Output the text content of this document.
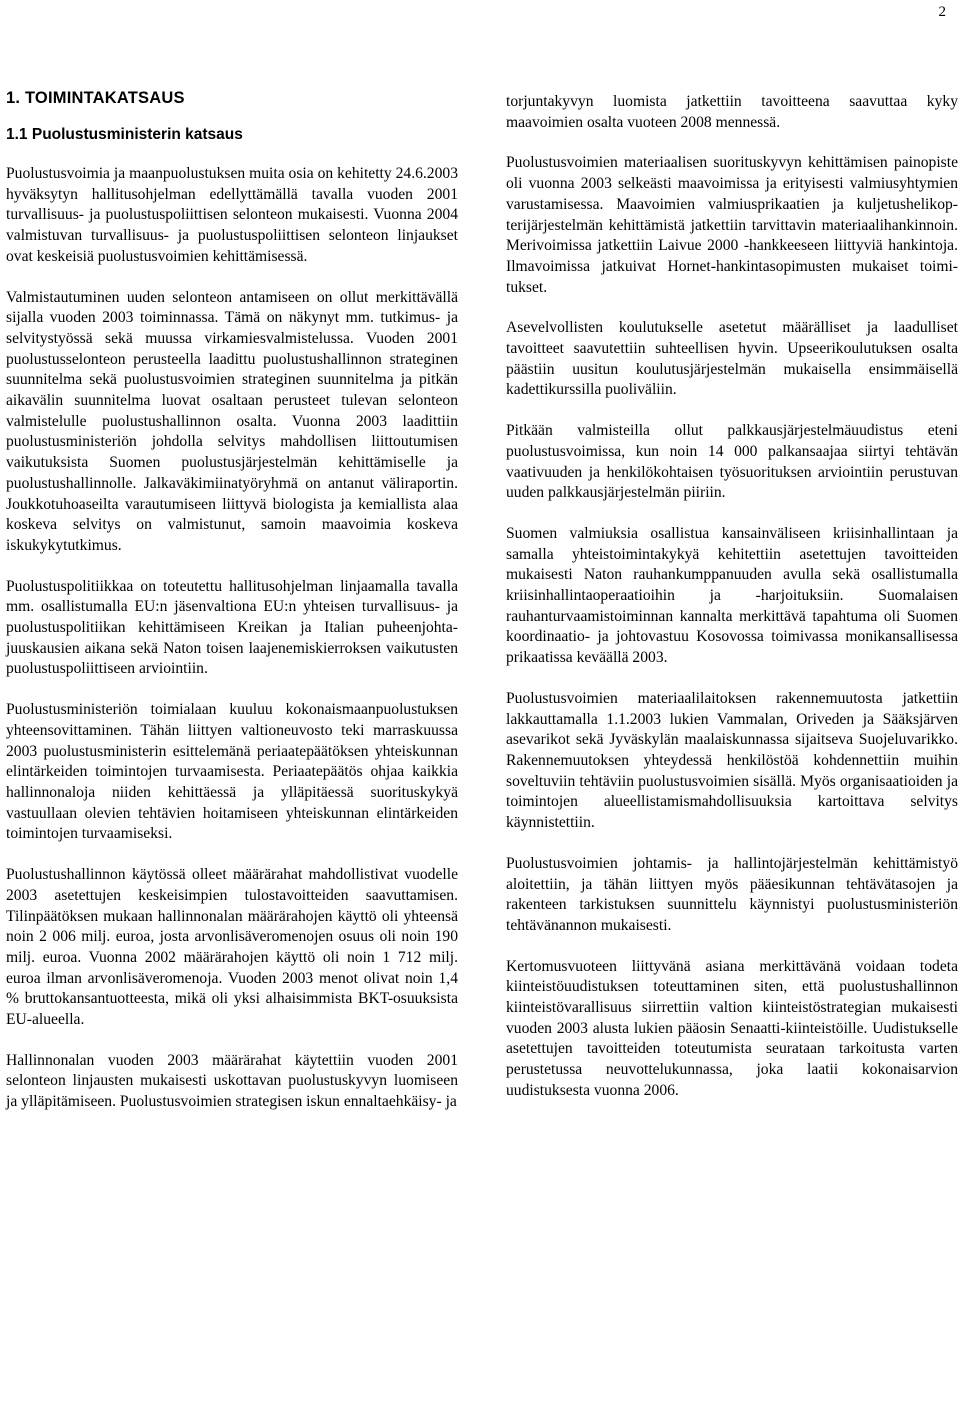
2
1. TOIMINTAKATSAUS
1.1 Puolustusministerin katsaus

Puolustusvoimia ja maanpuolustuksen muita osia on kehitetty 24.6.2003 hyväksytyn hallitusohjelman edellyttämällä tavalla vuoden 2001 turvallisuus- ja puolustuspoliittisen selonteon mukaisesti. Vuonna 2004 valmistuvan turvallisuus- ja puolustuspoliittisen selonteon linjaukset ovat keskeisiä puolustusvoimien kehittämisessä.

Valmistautuminen uuden selonteon antamiseen on ollut merkittävällä sijalla vuoden 2003 toiminnassa. Tämä on näkynyt mm. tutkimus- ja selvitystyössä sekä muussa virkamiesvalmistelussa. Vuoden 2001 puolustusselonteon perusteella laadittu puolustushallinnon strateginen suunnitelma sekä puolustusvoimien strateginen suunnitelma ja pitkän aikavälin suunnitelma luovat osaltaan perusteet tulevan selonteon valmistelulle puolustushallinnon osalta. Vuonna 2003 laadittiin puolustusministeriön johdolla selvitys mahdollisen liittoutumisen vaikutuksista Suomen puolustusjärjestelmän kehittämiselle ja puolustushallinnolle. Jalkaväkimiinatyöryhmä on antanut väliraportin. Joukkotuhoaseilta varautumiseen liittyvä biologista ja kemiallista alaa koskeva selvitys on valmistunut, samoin maavoimia koskeva iskukykytutkimus.

Puolustuspolitiikkaa on toteutettu hallitusohjelman linjaamalla tavalla mm. osallistumalla EU:n jäsenvaltiona EU:n yhteisen turvallisuus- ja puolustuspolitiikan kehittämiseen Kreikan ja Italian puheenjohtajuuskausien aikana sekä Naton toisen laajenemiskierroksen vaikutusten puolustuspoliittiseen arviointiin.

Puolustusministeriön toimialaan kuuluu kokonaismaanpuolustuksen yhteensovittaminen. Tähän liittyen valtioneuvosto teki marraskuussa 2003 puolustusministerin esittelemänä periaatepäätöksen yhteiskunnan elintärkeiden toimintojen turvaamisesta. Periaatepäätös ohjaa kaikkia hallinnonaloja niiden kehittäessä ja ylläpitäessä suorituskykyä vastuullaan olevien tehtävien hoitamiseen yhteiskunnan elintärkeiden toimintojen turvaamiseksi.

Puolustushallinnon käytössä olleet määrärahat mahdollistivat vuodelle 2003 asetettujen keskeisimpien tulostavoitteiden saavuttamisen. Tilinpäätöksen mukaan hallinnonalan määrärahojen käyttö oli yhteensä noin 2 006 milj. euroa, josta arvonlisäveromenojen osuus oli noin 190 milj. euroa. Vuonna 2002 määrärahojen käyttö oli noin 1 712 milj. euroa ilman arvonlisäveromenoja. Vuoden 2003 menot olivat noin 1,4 % bruttokansantuotteesta, mikä oli yksi alhaisimmista BKT-osuuksista EU-alueella.

Hallinnonalan vuoden 2003 määrärahat käytettiin vuoden 2001 selonteon linjausten mukaisesti uskottavan puolustuskyvyn luomiseen ja ylläpitämiseen. Puolustusvoimien strategisen iskun ennaltaehkäisy- ja

torjuntakyvyn luomista jatkettiin tavoitteena saavuttaa kyky maavoimien osalta vuoteen 2008 mennessä.

Puolustusvoimien materiaalisen suorituskyvyn kehittämisen painopiste oli vuonna 2003 selkeästi maavoimissa ja erityisesti valmiusyhtymien varustamisessa. Maavoimien valmiusprikaatien ja kuljetushelikopterijärjestelmän kehittämistä jatkettiin tarvittavin materiaalihankinnoin. Merivoimissa jatkettiin Laivue 2000 -hankkeeseen liittyviä hankintoja. Ilmavoimissa jatkuivat Hornet-hankintasopimusten mukaiset toimitukset.

Asevelvollisten koulutukselle asetetut määrälliset ja laadulliset tavoitteet saavutettiin suhteellisen hyvin. Upseerikoulutuksen osalta päästiin uusitun koulutusjärjestelmän mukaisella ensimmäisellä kadettikurssilla puoliväliin.

Pitkään valmisteilla ollut palkkausjärjestelmäuudistus eteni puolustusvoimissa, kun noin 14 000 palkansaajaa siirtyi tehtävän vaativuuden ja henkilökohtaisen työsuorituksen arviointiin perustuvan uuden palkkausjärjestelmän piiriin.

Suomen valmiuksia osallistua kansainväliseen kriisinhallintaan ja samalla yhteistoimintakykyä kehitettiin asetettujen tavoitteiden mukaisesti Naton rauhankumppanuuden avulla sekä osallistumalla kriisinhallintaoperaatioihin ja -harjoituksiin. Suomalaisen rauhanturvaamistoiminnan kannalta merkittävä tapahtuma oli Suomen koordinaatio- ja johtovastuu Kosovossa toimivassa monikansallisessa prikaatissa keväällä 2003.

Puolustusvoimien materiaalilaitoksen rakennemuutosta jatkettiin lakkauttamalla 1.1.2003 lukien Vammalan, Oriveden ja Sääksjärven asevarikot sekä Jyväskylän maalaiskunnassa sijaitseva Suojeluvarikko. Rakennemuutoksen yhteydessä henkilöstöä kohdennettiin muihin soveltuviin tehtäviin puolustusvoimien sisällä. Myös organisaatioiden ja toimintojen alueellistamismahdollisuuksia kartoittava selvitys käynnistettiin.

Puolustusvoimien johtamis- ja hallintojärjestelmän kehittämistyö aloitettiin, ja tähän liittyen myös pääesikunnan tehtävätasojen ja rakenteen tarkistuksen suunnittelu käynnistyi puolustusministeriön tehtävänannon mukaisesti.

Kertomusvuoteen liittyvänä asiana merkittävänä voidaan todeta kiinteistöuudistuksen toteuttaminen siten, että puolustushallinnon kiinteistövarallisuus siirrettiin valtion kiinteistöstrategian mukaisesti vuoden 2003 alusta lukien pääosin Senaatti-kiinteistöille. Uudistukselle asetettujen tavoitteiden toteutumista seurataan tarkoitusta varten perustetussa neuvottelukunnassa, joka laatii kokonaisarvion uudistuksesta vuonna 2006.
